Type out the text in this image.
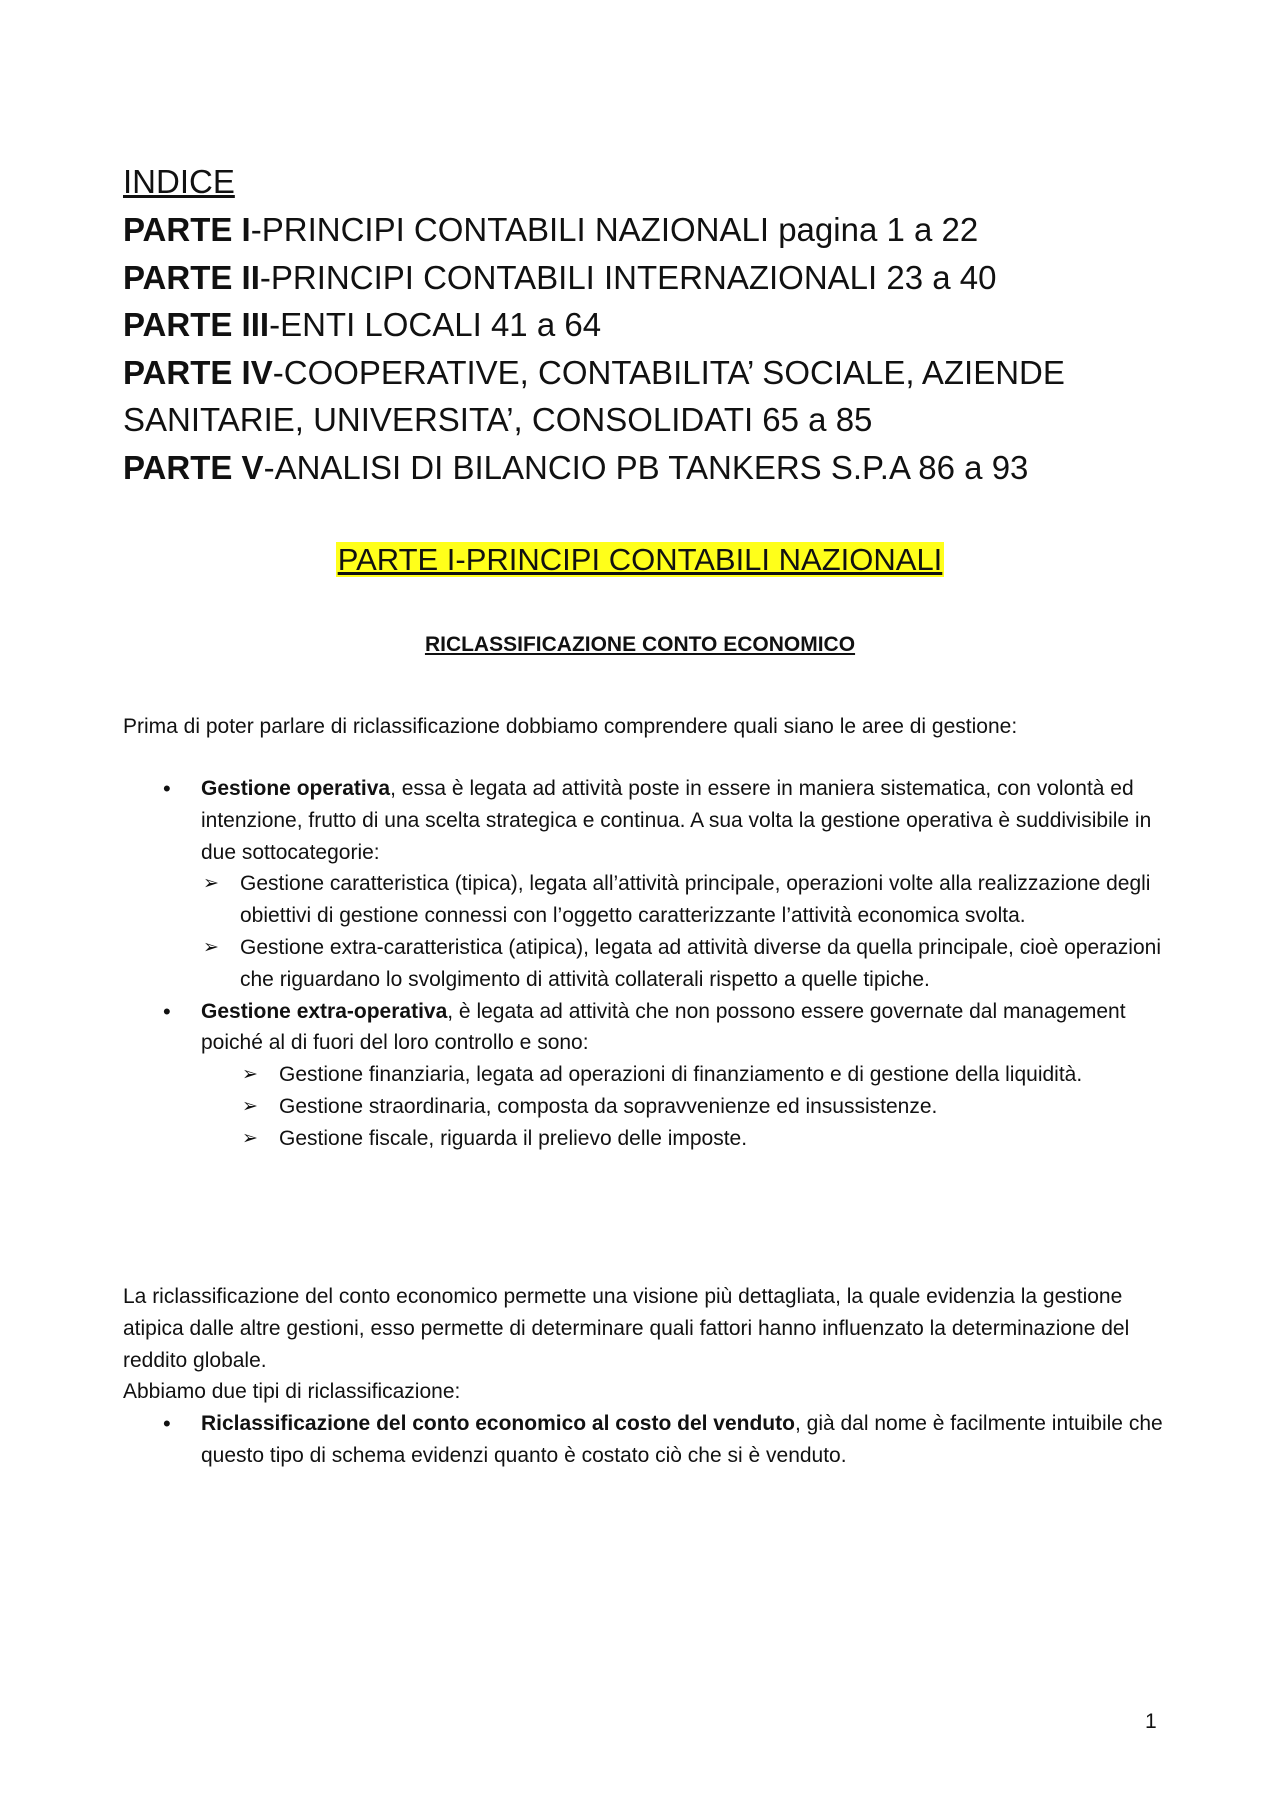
INDICE
PARTE I-PRINCIPI CONTABILI NAZIONALI pagina 1 a 22
PARTE II-PRINCIPI CONTABILI INTERNAZIONALI 23 a 40
PARTE III-ENTI LOCALI 41 a 64
PARTE IV-COOPERATIVE, CONTABILITA’ SOCIALE, AZIENDE
SANITARIE, UNIVERSITA’, CONSOLIDATI 65 a 85
PARTE V-ANALISI DI BILANCIO PB TANKERS S.P.A 86 a 93
PARTE I-PRINCIPI CONTABILI NAZIONALI
RICLASSIFICAZIONE CONTO ECONOMICO
Prima di poter parlare di riclassificazione dobbiamo comprendere quali siano le aree di gestione:
• Gestione operativa, essa è legata ad attività poste in essere in maniera sistematica, con volontà ed intenzione, frutto di una scelta strategica e continua. A sua volta la gestione operativa è suddivisibile in due sottocategorie:
➢ Gestione caratteristica (tipica), legata all’attività principale, operazioni volte alla realizzazione degli obiettivi di gestione connessi con l’oggetto caratterizzante l’attività economica svolta.
➢ Gestione extra-caratteristica (atipica), legata ad attività diverse da quella principale, cioè operazioni che riguardano lo svolgimento di attività collaterali rispetto a quelle tipiche.
• Gestione extra-operativa, è legata ad attività che non possono essere governate dal management poiché al di fuori del loro controllo e sono:
➢ Gestione finanziaria, legata ad operazioni di finanziamento e di gestione della liquidità.
➢ Gestione straordinaria, composta da sopravvenienze ed insussistenze.
➢ Gestione fiscale, riguarda il prelievo delle imposte.
La riclassificazione del conto economico permette una visione più dettagliata, la quale evidenzia la gestione atipica dalle altre gestioni, esso permette di determinare quali fattori hanno influenzato la determinazione del reddito globale.
Abbiamo due tipi di riclassificazione:
• Riclassificazione del conto economico al costo del venduto, già dal nome è facilmente intuibile che questo tipo di schema evidenzi quanto è costato ciò che si è venduto.
1
